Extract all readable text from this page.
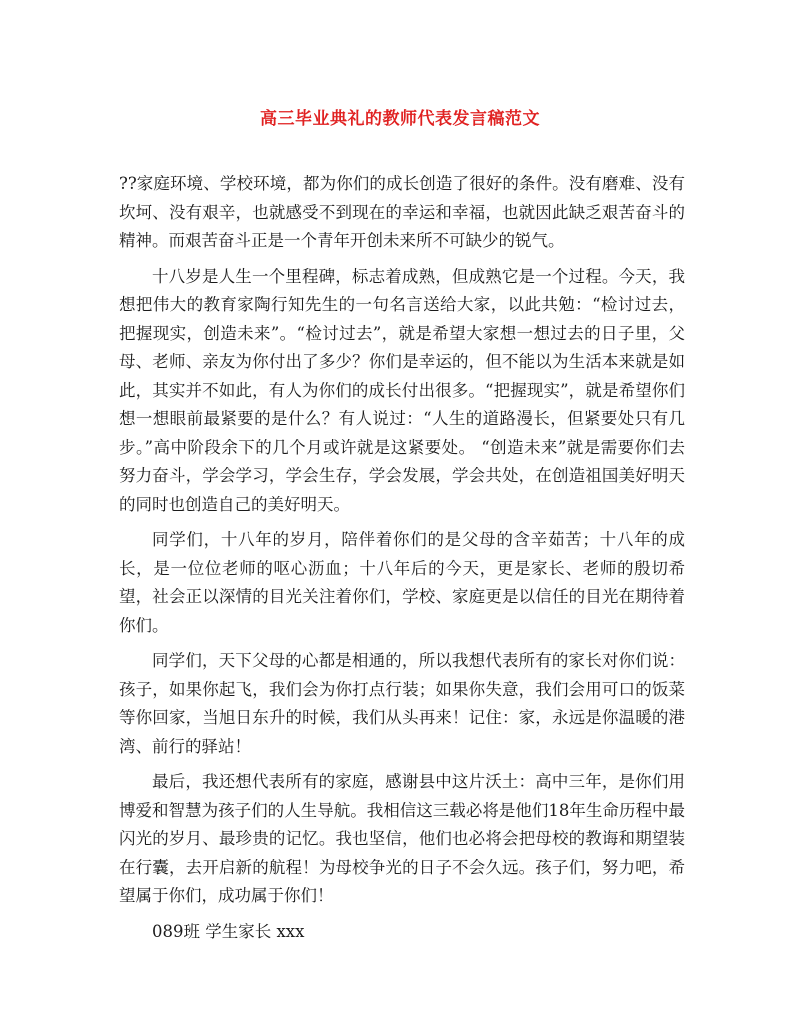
高三毕业典礼的教师代表发言稿范文

??家庭环境、学校环境，都为你们的成长创造了很好的条件。没有磨难、没有坎坷、没有艰辛，也就感受不到现在的幸运和幸福，也就因此缺乏艰苦奋斗的精神。而艰苦奋斗正是一个青年开创未来所不可缺少的锐气。

十八岁是人生一个里程碑，标志着成熟，但成熟它是一个过程。今天，我想把伟大的教育家陶行知先生的一句名言送给大家，以此共勉：“检讨过去，把握现实，创造未来”。“检讨过去”，就是希望大家想一想过去的日子里，父母、老师、亲友为你付出了多少？你们是幸运的，但不能以为生活本来就是如此，其实并不如此，有人为你们的成长付出很多。“把握现实”，就是希望你们想一想眼前最紧要的是什么？有人说过：“人生的道路漫长，但紧要处只有几步。”高中阶段余下的几个月或许就是这紧要处。 “创造未来”就是需要你们去努力奋斗，学会学习，学会生存，学会发展，学会共处，在创造祖国美好明天的同时也创造自己的美好明天。

同学们，十八年的岁月，陪伴着你们的是父母的含辛茹苦；十八年的成长，是一位位老师的呕心沥血；十八年后的今天，更是家长、老师的殷切希望，社会正以深情的目光关注着你们，学校、家庭更是以信任的目光在期待着你们。

同学们，天下父母的心都是相通的，所以我想代表所有的家长对你们说：孩子，如果你起飞，我们会为你打点行装；如果你失意，我们会用可口的饭菜等你回家，当旭日东升的时候，我们从头再来！记住：家，永远是你温暖的港湾、前行的驿站！

最后，我还想代表所有的家庭，感谢县中这片沃土：高中三年，是你们用博爱和智慧为孩子们的人生导航。我相信这三载必将是他们18年生命历程中最闪光的岁月、最珍贵的记忆。我也坚信，他们也必将会把母校的教诲和期望装在行囊，去开启新的航程！为母校争光的日子不会久远。孩子们，努力吧，希望属于你们，成功属于你们！

089班 学生家长 xxx
